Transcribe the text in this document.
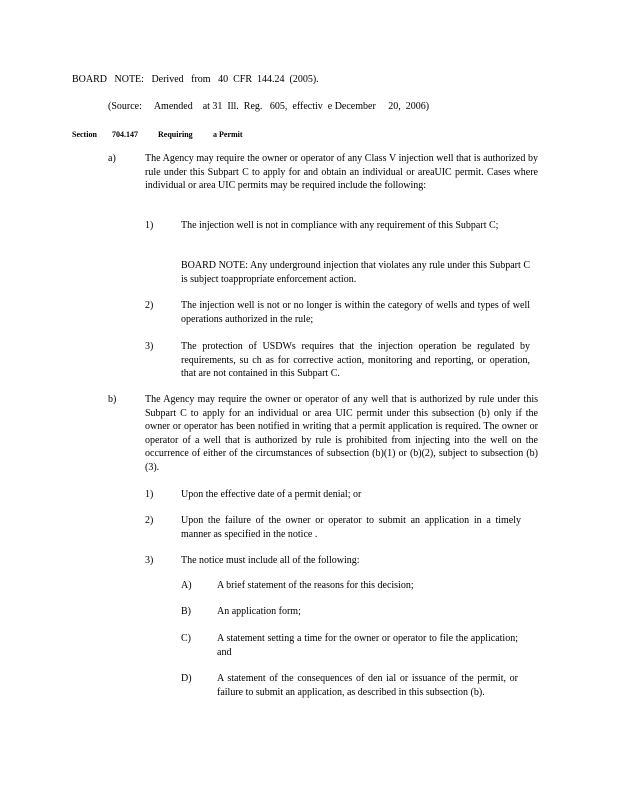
BOARD   NOTE:   Derived   from   40  CFR  144.24  (2005).

(Source:     Amended    at 31  Ill.  Reg.   605,  effectiv  e December     20,  2006)

Section 704.147	Requiring	a Permit
a)	The Agency may require the owner or operator of any Class V injection well that is authorized by rule under this Subpart C to apply for and obtain an individual or areaUIC permit. Cases where individual or area UIC permits may be required include the following:

1)	The injection well is not in compliance with any requirement of this Subpart C;

BOARD NOTE: Any underground injection that violates any rule under this Subpart C is subject toappropriate enforcement action.

2)	The injection well is not or no longer is within the category of wells and types of well operations authorized in the rule;

3)	The protection of USDWs requires that the injection operation be regulated by requirements, su ch as for corrective action, monitoring and reporting, or operation, that are not contained in this Subpart C.

b)	The Agency may require the owner or operator of any well that is authorized by rule under this Subpart C to apply for an individual or area UIC permit under this subsection (b) only if the owner or operator has been notified in writing that a permit application is required. The owner or operator of a well that is authorized by rule is prohibited from injecting into the well on the occurrence of either of the circumstances of subsection (b)(1) or (b)(2), subject to subsection (b)(3).

1)	Upon the effective date of a permit denial; or

2)	Upon the failure of the owner or operator to submit an application in a timely manner as specified in the notice .

3)	The notice must include all of the following:

A)	A brief statement of the reasons for this decision;

B)	An application form;

C)	A statement setting a time for the owner or operator to file the application; and

D)	A statement of the consequences of den ial or issuance of the permit, or failure to submit an application, as described in this subsection (b).
